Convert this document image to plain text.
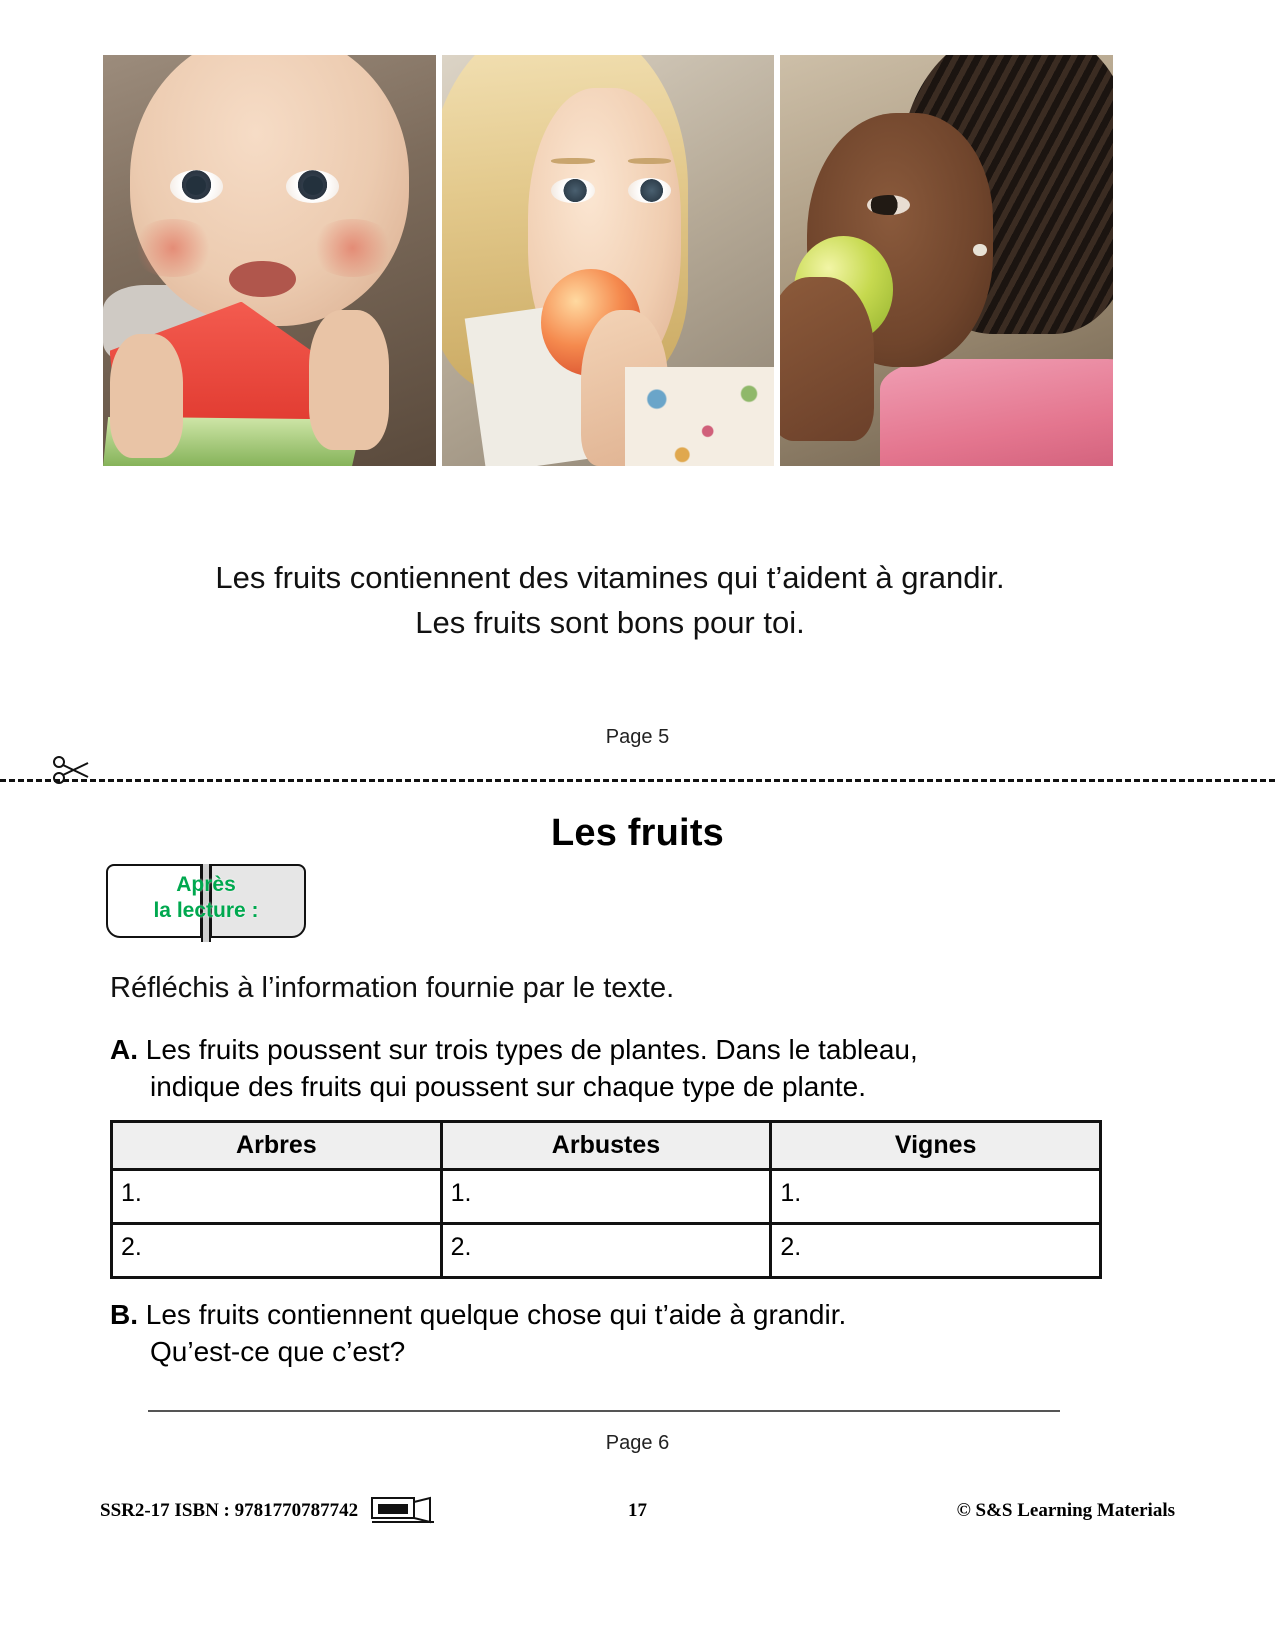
Les fruits contiennent des vitamines qui t’aident à grandir.
Les fruits sont bons pour toi.
Page 5
Les fruits
Après
la lecture :
Réfléchis à l’information fournie par le texte.
A. Les fruits poussent sur trois types de plantes. Dans le tableau,
indique des fruits qui poussent sur chaque type de plante.
Arbres	Arbustes	Vignes
1.	1.	1.
2.	2.	2.
B. Les fruits contiennent quelque chose qui t’aide à grandir.
Qu’est-ce que c’est?
Page 6
SSR2-17 ISBN : 9781770787742	17	© S&S Learning Materials
